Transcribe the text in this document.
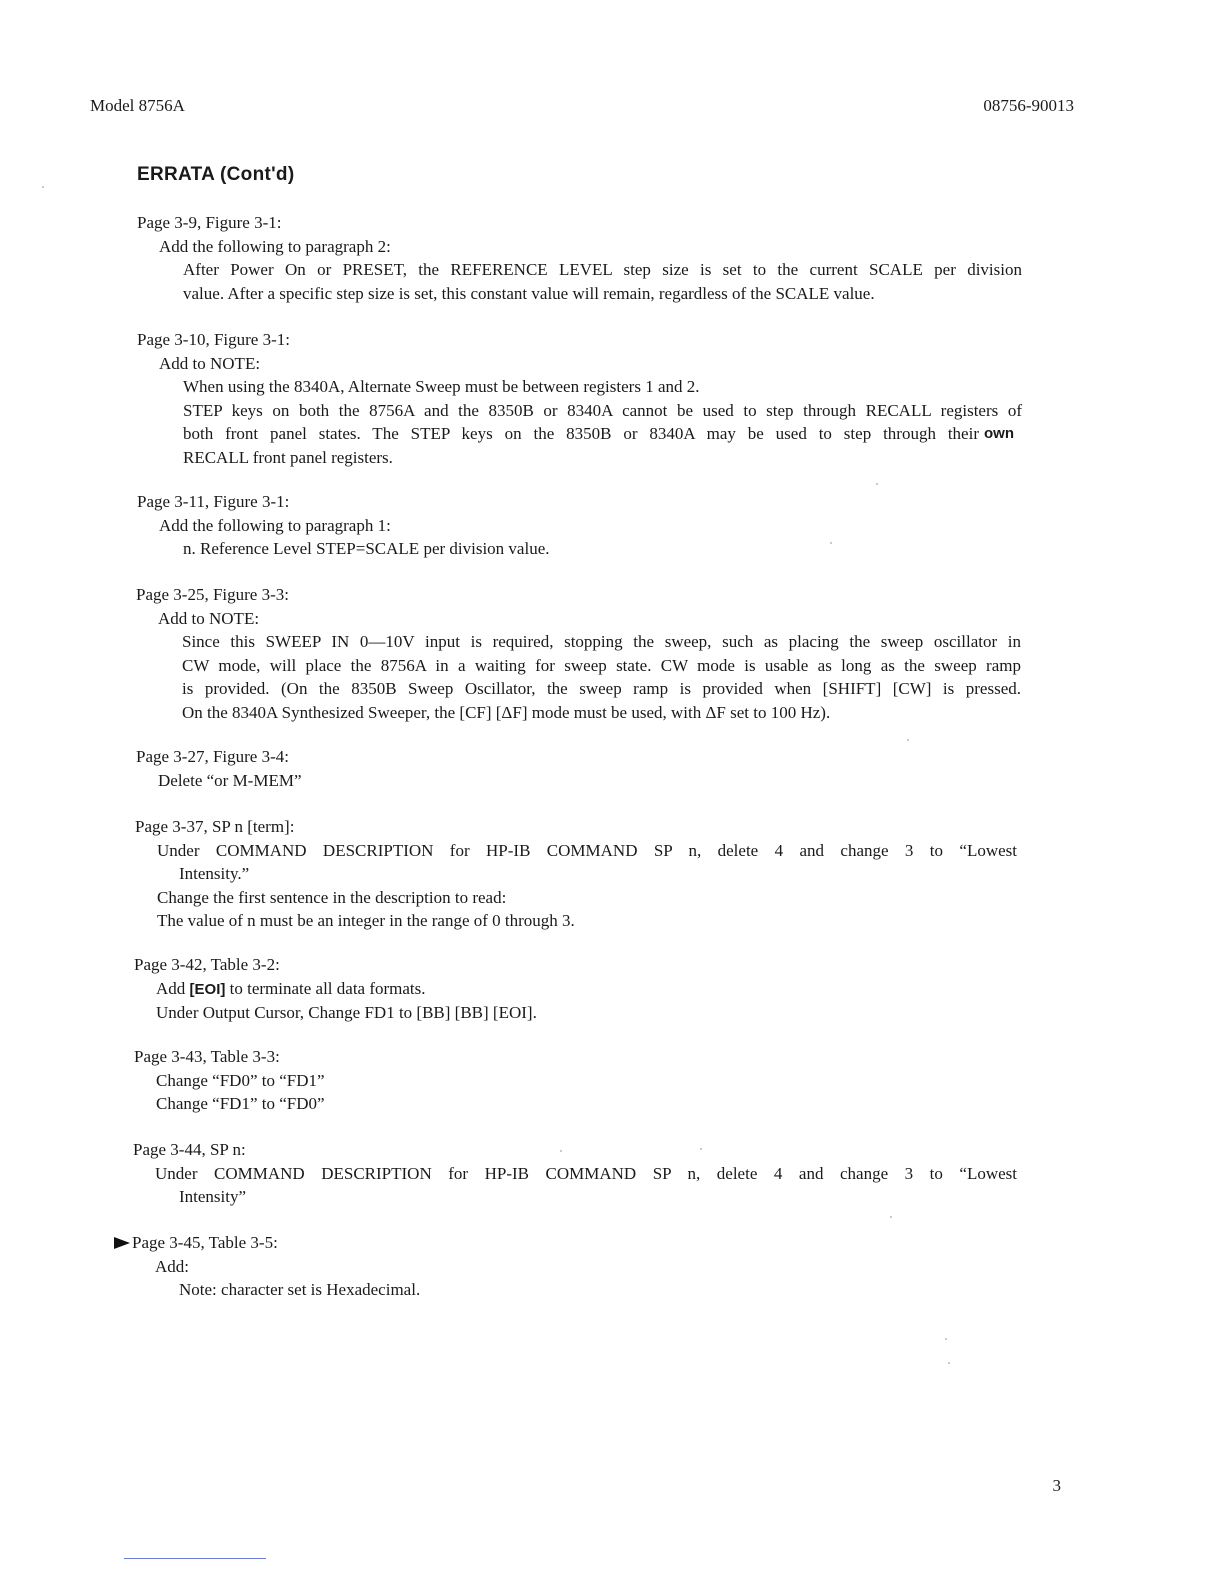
Model 8756A	08756-90013
ERRATA (Cont'd)
Page 3-9, Figure 3-1:
Add the following to paragraph 2:
After Power On or PRESET, the REFERENCE LEVEL step size is set to the current SCALE per division
value. After a specific step size is set, this constant value will remain, regardless of the SCALE value.
Page 3-10, Figure 3-1:
Add to NOTE:
When using the 8340A, Alternate Sweep must be between registers 1 and 2.
STEP keys on both the 8756A and the 8350B or 8340A cannot be used to step through RECALL registers of
both front panel states. The STEP keys on the 8350B or 8340A may be used to step through their own
RECALL front panel registers.
Page 3-11, Figure 3-1:
Add the following to paragraph 1:
n. Reference Level STEP=SCALE per division value.
Page 3-25, Figure 3-3:
Add to NOTE:
Since this SWEEP IN 0—10V input is required, stopping the sweep, such as placing the sweep oscillator in
CW mode, will place the 8756A in a waiting for sweep state. CW mode is usable as long as the sweep ramp
is provided. (On the 8350B Sweep Oscillator, the sweep ramp is provided when [SHIFT] [CW] is pressed.
On the 8340A Synthesized Sweeper, the [CF] [ΔF] mode must be used, with ΔF set to 100 Hz).
Page 3-27, Figure 3-4:
Delete “or M-MEM”
Page 3-37, SP n [term]:
Under COMMAND DESCRIPTION for HP-IB COMMAND SP n, delete 4 and change 3 to “Lowest
Intensity.”
Change the first sentence in the description to read:
The value of n must be an integer in the range of 0 through 3.
Page 3-42, Table 3-2:
Add [EOI] to terminate all data formats.
Under Output Cursor, Change FD1 to [BB] [BB] [EOI].
Page 3-43, Table 3-3:
Change “FD0” to “FD1”
Change “FD1” to “FD0”
Page 3-44, SP n:
Under COMMAND DESCRIPTION for HP-IB COMMAND SP n, delete 4 and change 3 to “Lowest
Intensity”
Page 3-45, Table 3-5:
Add:
Note: character set is Hexadecimal.
3
